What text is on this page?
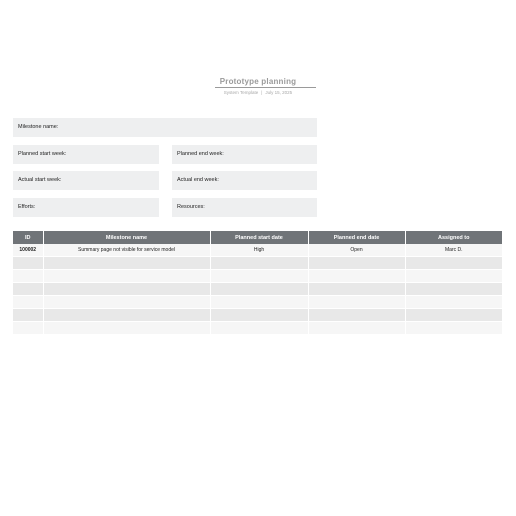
Prototype planning
System Template | July 15, 2025
Milestone name:
Planned start week:	Planned end week:
Actual start week:	Actual end week:
Efforts:	Resources:
ID	Milestone name	Planned start date	Planned end date	Assigned to
100002	Summary page not visible for service model	High	Open	Marc D.
